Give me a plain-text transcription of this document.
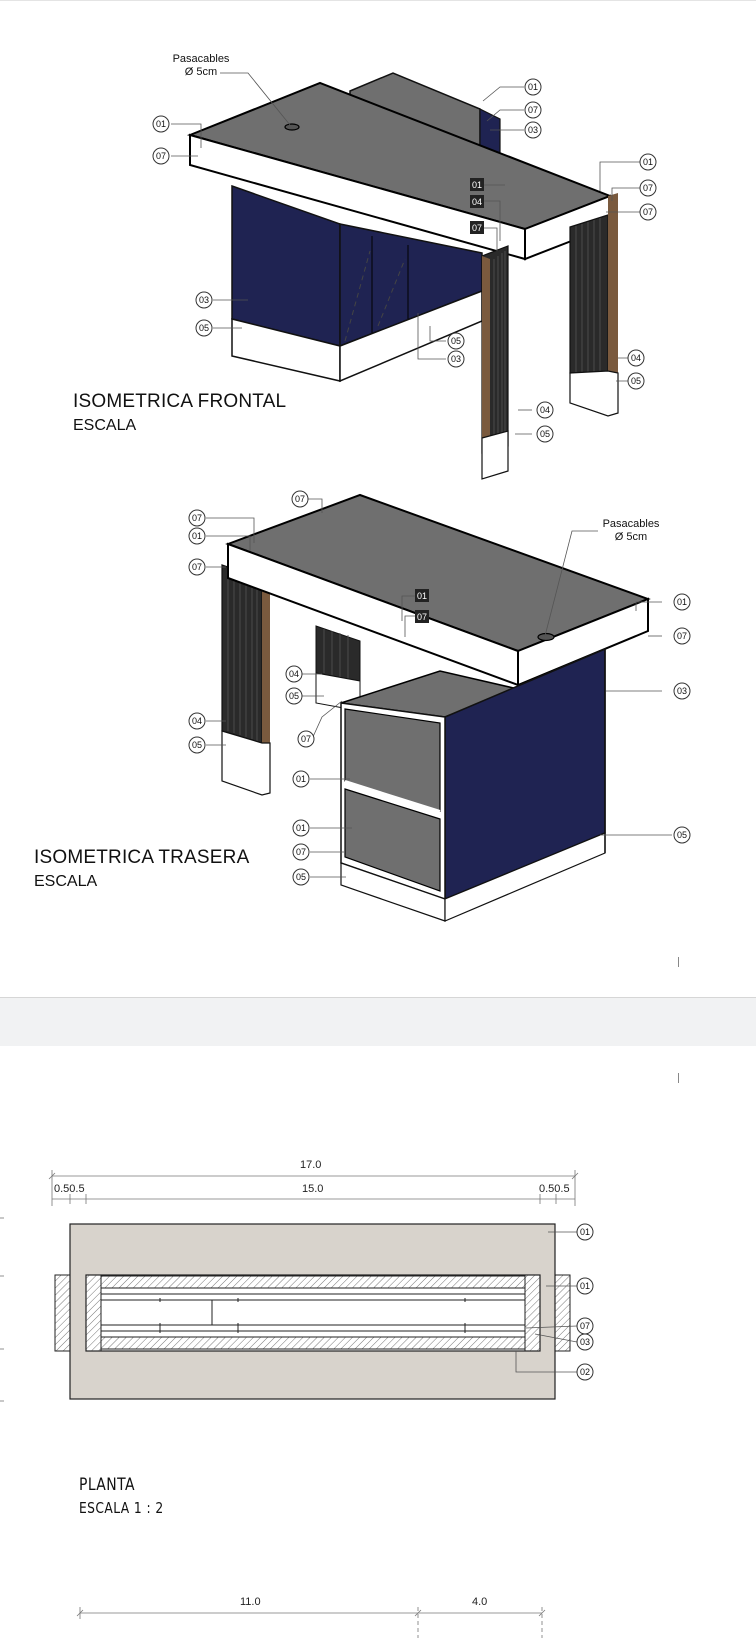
01
07
03
01
07
01
07
07
03
05
05
03	04
05
04
05
01
04
07
Pasacables
Ø 5cm
ISOMETRICA FRONTAL
ESCALA
07
07
01
07
01
07
03
04
05
07
04
05
01
01
07
05
05
01
07
Pasacables
Ø 5cm
ISOMETRICA TRASERA
ESCALA
01
01
07
03
02
17.0
0.50.5	15.0	0.50.5
PLANTA
ESCALA 1 : 2
11.0	4.0
